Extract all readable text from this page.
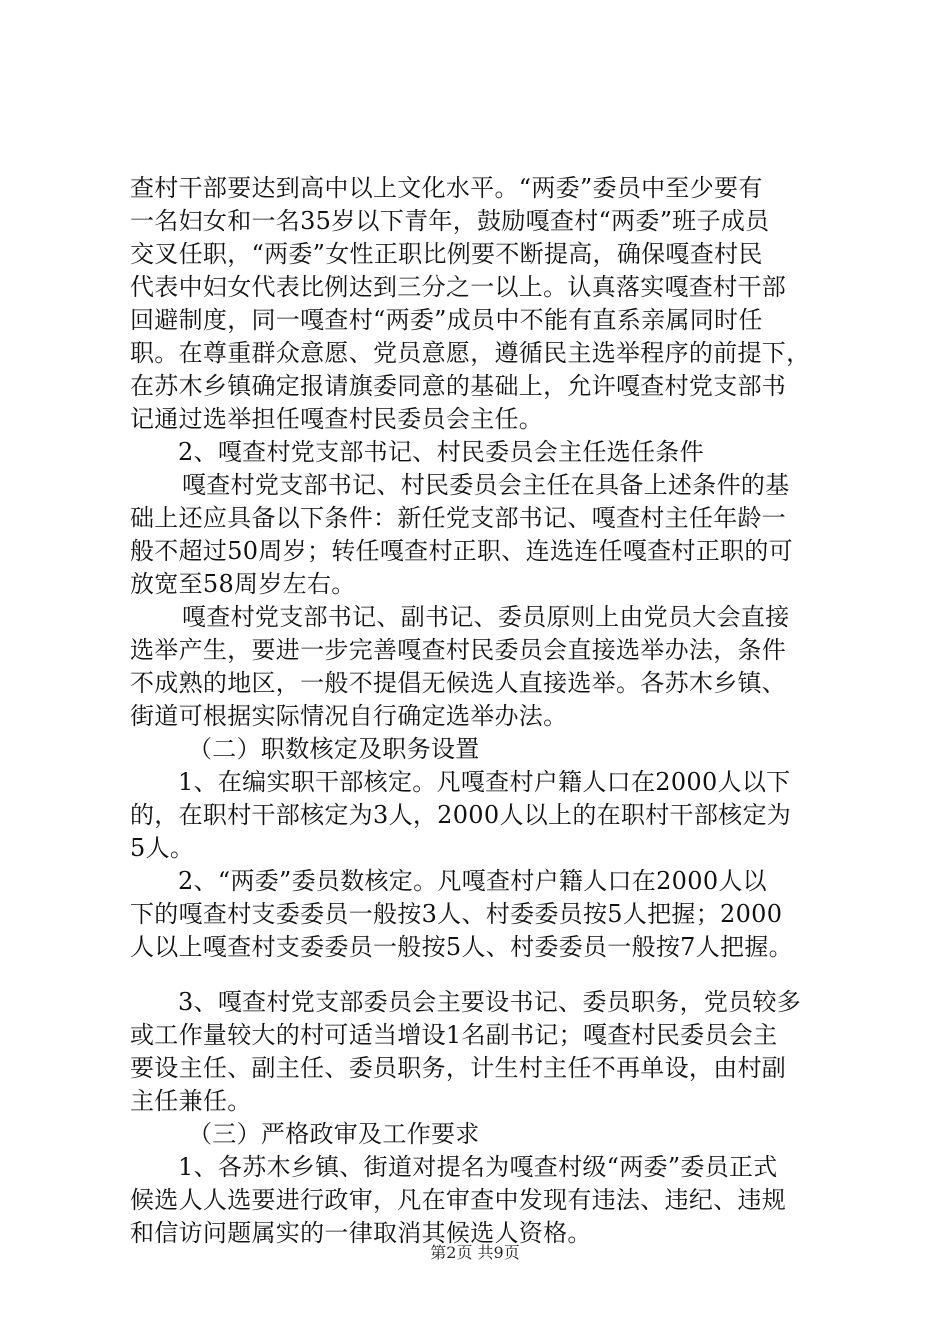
查村干部要达到高中以上文化水平。“两委”委员中至少要有
一名妇女和一名35岁以下青年，鼓励嘎查村“两委”班子成员
交叉任职，“两委”女性正职比例要不断提高，确保嘎查村民
代表中妇女代表比例达到三分之一以上。认真落实嘎查村干部
回避制度，同一嘎查村“两委”成员中不能有直系亲属同时任
职。在尊重群众意愿、党员意愿，遵循民主选举程序的前提下，
在苏木乡镇确定报请旗委同意的基础上，允许嘎查村党支部书
记通过选举担任嘎查村民委员会主任。
2、嘎查村党支部书记、村民委员会主任选任条件
嘎查村党支部书记、村民委员会主任在具备上述条件的基
础上还应具备以下条件：新任党支部书记、嘎查村主任年龄一
般不超过50周岁；转任嘎查村正职、连选连任嘎查村正职的可
放宽至58周岁左右。
嘎查村党支部书记、副书记、委员原则上由党员大会直接
选举产生，要进一步完善嘎查村民委员会直接选举办法，条件
不成熟的地区，一般不提倡无候选人直接选举。各苏木乡镇、
街道可根据实际情况自行确定选举办法。
（二）职数核定及职务设置
1、在编实职干部核定。凡嘎查村户籍人口在2000人以下
的，在职村干部核定为3人，2000人以上的在职村干部核定为
5人。
2、“两委”委员数核定。凡嘎查村户籍人口在2000人以
下的嘎查村支委委员一般按3人、村委委员按5人把握；2000
人以上嘎查村支委委员一般按5人、村委委员一般按7人把握。
3、嘎查村党支部委员会主要设书记、委员职务，党员较多
或工作量较大的村可适当增设1名副书记；嘎查村民委员会主
要设主任、副主任、委员职务，计生村主任不再单设，由村副
主任兼任。
（三）严格政审及工作要求
1、各苏木乡镇、街道对提名为嘎查村级“两委”委员正式
候选人人选要进行政审，凡在审查中发现有违法、违纪、违规
和信访问题属实的一律取消其候选人资格。
第2页 共9页
